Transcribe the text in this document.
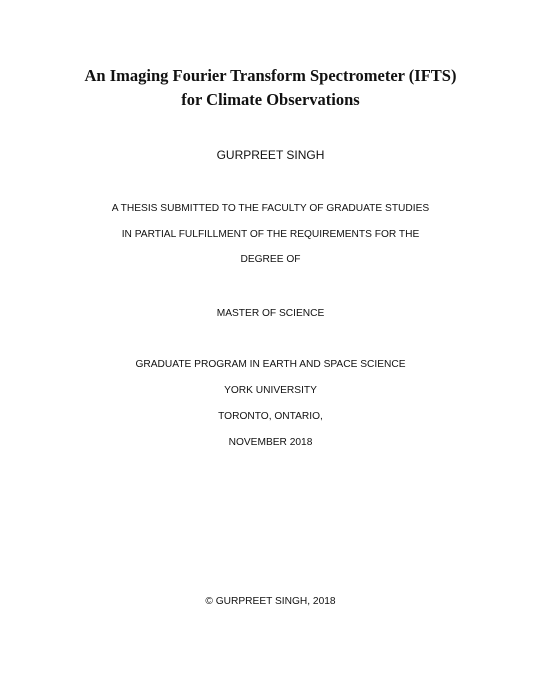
An Imaging Fourier Transform Spectrometer (IFTS)
for Climate Observations
GURPREET SINGH
A THESIS SUBMITTED TO THE FACULTY OF GRADUATE STUDIES
IN PARTIAL FULFILLMENT OF THE REQUIREMENTS FOR THE
DEGREE OF
MASTER OF SCIENCE
GRADUATE PROGRAM IN EARTH AND SPACE SCIENCE
YORK UNIVERSITY
TORONTO, ONTARIO,
NOVEMBER 2018
© GURPREET SINGH, 2018
